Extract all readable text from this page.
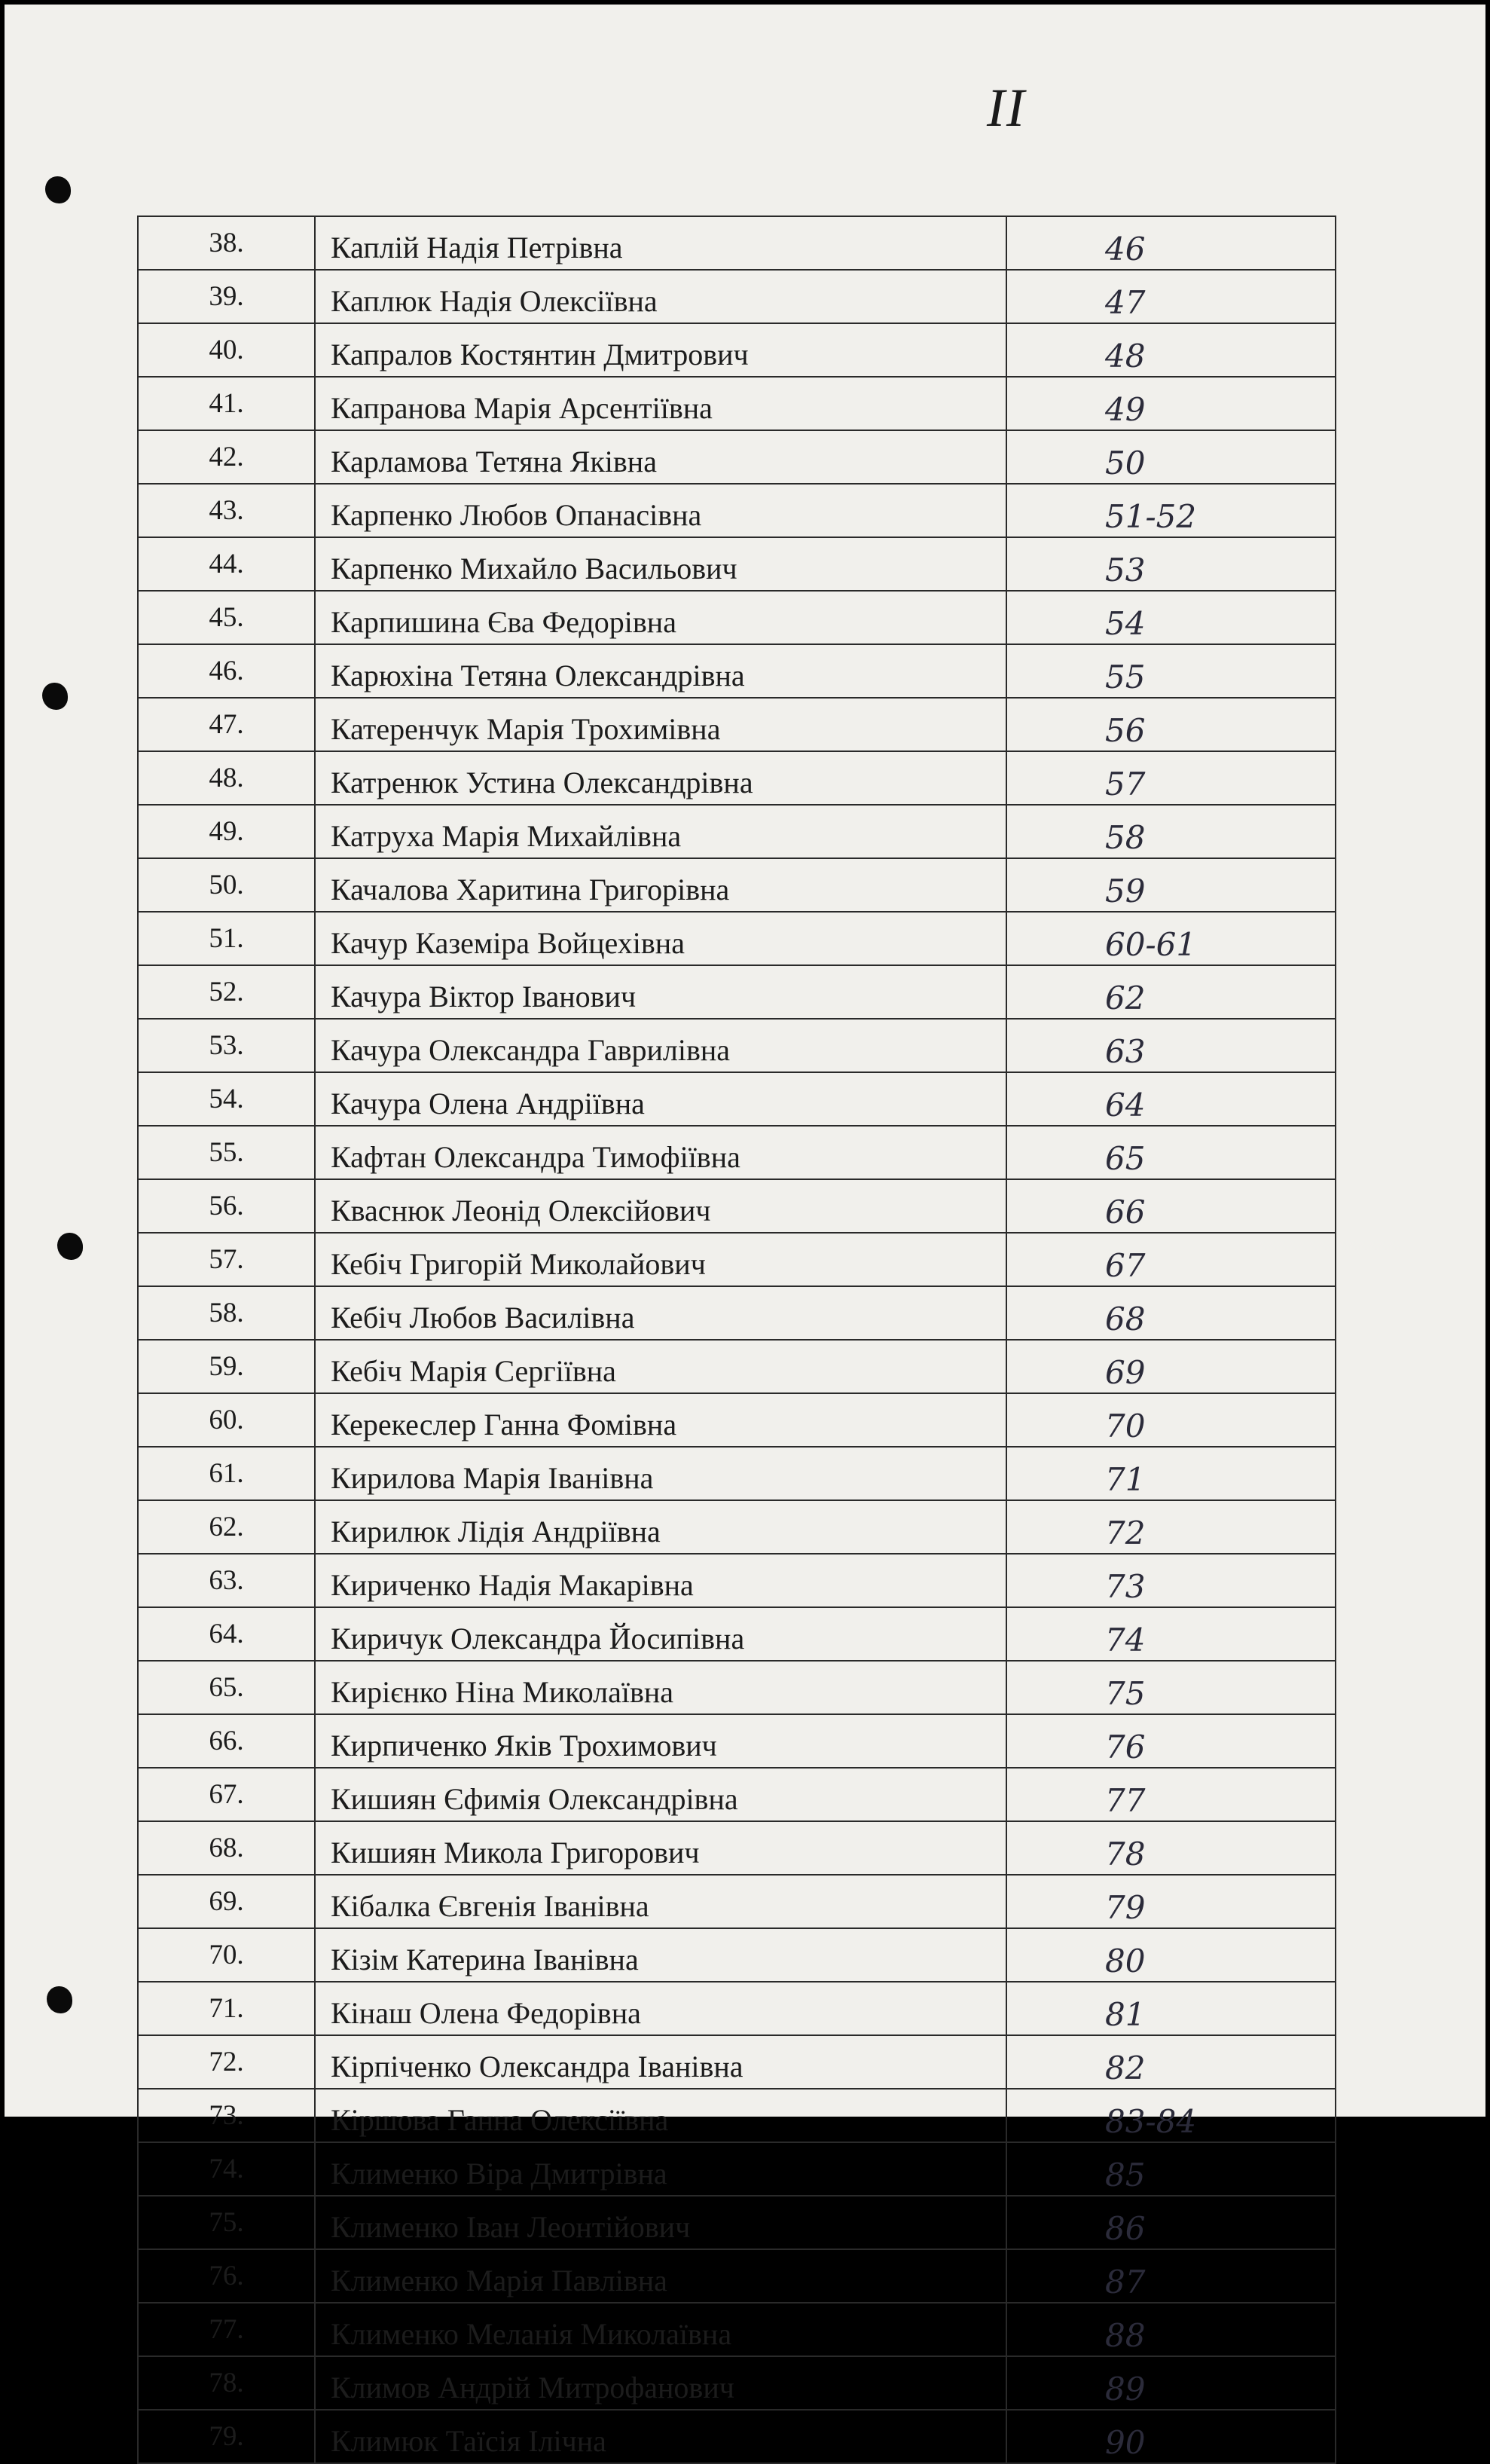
II
38.	Каплій Надія Петрівна	46
39.	Каплюк Надія Олексіївна	47
40.	Капралов Костянтин Дмитрович	48
41.	Капранова Марія Арсентіївна	49
42.	Карламова Тетяна Яківна	50
43.	Карпенко Любов Опанасівна	51-52
44.	Карпенко Михайло Васильович	53
45.	Карпишина Єва Федорівна	54
46.	Карюхіна Тетяна Олександрівна	55
47.	Катеренчук Марія Трохимівна	56
48.	Катренюк Устина Олександрівна	57
49.	Катруха Марія Михайлівна	58
50.	Качалова Харитина Григорівна	59
51.	Качур Каземіра Войцехівна	60-61
52.	Качура Віктор Іванович	62
53.	Качура Олександра Гаврилівна	63
54.	Качура Олена Андріївна	64
55.	Кафтан Олександра Тимофіївна	65
56.	Кваснюк Леонід Олексійович	66
57.	Кебіч Григорій Миколайович	67
58.	Кебіч Любов Василівна	68
59.	Кебіч Марія Сергіївна	69
60.	Керекеслер Ганна Фомівна	70
61.	Кирилова Марія Іванівна	71
62.	Кирилюк Лідія Андріївна	72
63.	Кириченко Надія Макарівна	73
64.	Киричук Олександра Йосипівна	74
65.	Кирієнко Ніна Миколаївна	75
66.	Кирпиченко Яків Трохимович	76
67.	Кишиян Єфимія Олександрівна	77
68.	Кишиян Микола Григорович	78
69.	Кібалка Євгенія Іванівна	79
70.	Кізім Катерина Іванівна	80
71.	Кінаш Олена Федорівна	81
72.	Кірпіченко Олександра Іванівна	82
73.	Кіршова Ганна Олексіївна	83-84
74.	Клименко Віра Дмитрівна	85
75.	Клименко Іван Леонтійович	86
76.	Клименко Марія Павлівна	87
77.	Клименко Меланія Миколаївна	88
78.	Климов Андрій Митрофанович	89
79.	Климюк Таїсія Ілічна	90
